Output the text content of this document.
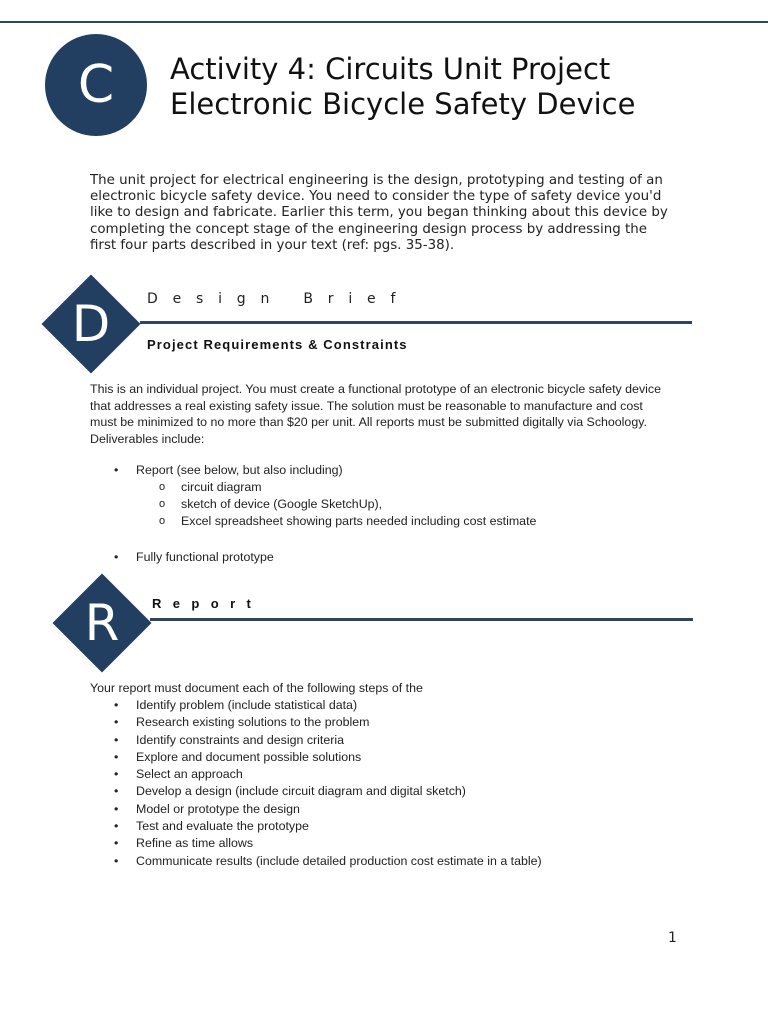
C Activity 4: Circuits Unit Project
Electronic Bicycle Safety Device
The unit project for electrical engineering is the design, prototyping and testing of an electronic bicycle safety device. You need to consider the type of safety device you'd like to design and fabricate. Earlier this term, you began thinking about this device by completing the concept stage of the engineering design process by addressing the first four parts described in your text (ref: pgs. 35-38).
D	Design Brief
Project Requirements & Constraints
This is an individual project. You must create a functional prototype of an electronic bicycle safety device that addresses a real existing safety issue. The solution must be reasonable to manufacture and cost must be minimized to no more than $20 per unit. All reports must be submitted digitally via Schoology. Deliverables include:
• Report (see below, but also including)
o circuit diagram
o sketch of device (Google SketchUp),
o Excel spreadsheet showing parts needed including cost estimate
• Fully functional prototype
R	Report
Your report must document each of the following steps of the
• Identify problem (include statistical data)
• Research existing solutions to the problem
• Identify constraints and design criteria
• Explore and document possible solutions
• Select an approach
• Develop a design (include circuit diagram and digital sketch)
• Model or prototype the design
• Test and evaluate the prototype
• Refine as time allows
• Communicate results (include detailed production cost estimate in a table)
1
